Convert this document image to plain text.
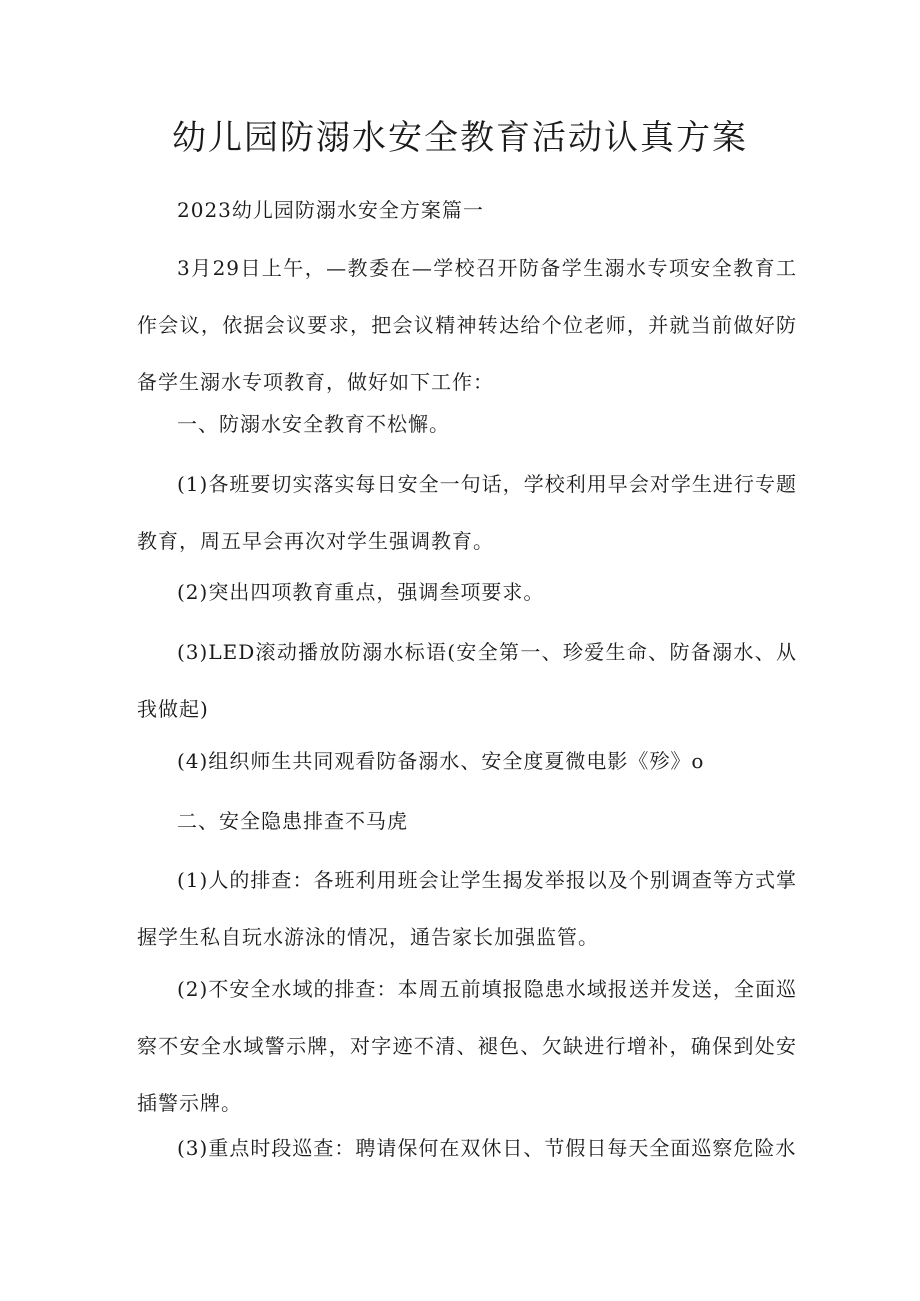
幼儿园防溺水安全教育活动认真方案

2023幼儿园防溺水安全方案篇一

3月29日上午，—教委在—学校召开防备学生溺水专项安全教育工作会议，依据会议要求，把会议精神转达给个位老师，并就当前做好防备学生溺水专项教育，做好如下工作：

一、防溺水安全教育不松懈。

(1)各班要切实落实每日安全一句话，学校利用早会对学生进行专题教育，周五早会再次对学生强调教育。

(2)突出四项教育重点，强调叁项要求。

(3)LED滚动播放防溺水标语(安全第一、珍爱生命、防备溺水、从我做起)

(4)组织师生共同观看防备溺水、安全度夏微电影《殄》o

二、安全隐患排查不马虎

(1)人的排查：各班利用班会让学生揭发举报以及个别调查等方式掌握学生私自玩水游泳的情况，通告家长加强监管。

(2)不安全水域的排查：本周五前填报隐患水域报送并发送，全面巡察不安全水域警示牌，对字迹不清、褪色、欠缺进行增补，确保到处安插警示牌。

(3)重点时段巡查：聘请保何在双休日、节假日每天全面巡察危险水
